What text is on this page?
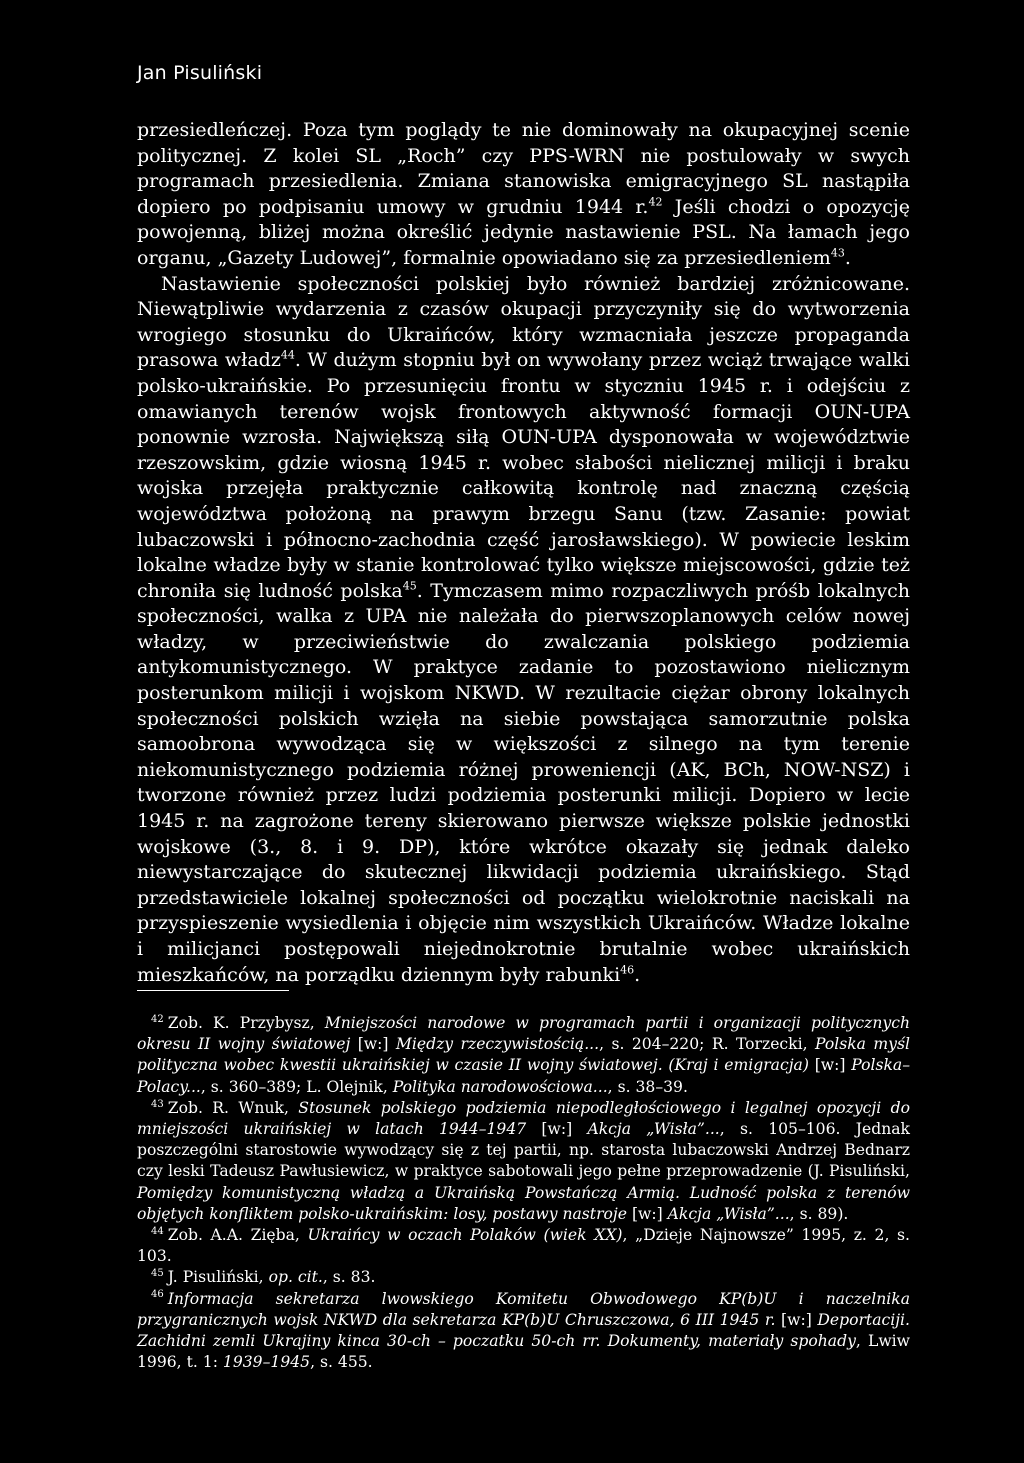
Jan Pisuliński

przesiedleńczej. Poza tym poglądy te nie dominowały na okupacyjnej scenie politycznej. Z kolei SL „Roch” czy PPS-WRN nie postulowały w swych programach przesiedlenia. Zmiana stanowiska emigracyjnego SL nastąpiła dopiero po podpisaniu umowy w grudniu 1944 r.$^{42}$ Jeśli chodzi o opozycję powojenną, bliżej można określić jedynie nastawienie PSL. Na łamach jego organu, „Gazety Ludowej”, formalnie opowiadano się za przesiedleniem$^{43}$.

Nastawienie społeczności polskiej było również bardziej zróżnicowane. Niewątpliwie wydarzenia z czasów okupacji przyczyniły się do wytworzenia wrogiego stosunku do Ukraińców, który wzmacniała jeszcze propaganda prasowa władz$^{44}$. W dużym stopniu był on wywołany przez wciąż trwające walki polsko-ukraińskie. Po przesunięciu frontu w styczniu 1945 r. i odejściu z omawianych terenów wojsk frontowych aktywność formacji OUN-UPA ponownie wzrosła. Największą siłą OUN-UPA dysponowała w województwie rzeszowskim, gdzie wiosną 1945 r. wobec słabości nielicznej milicji i braku wojska przejęła praktycznie całkowitą kontrolę nad znaczną częścią województwa położoną na prawym brzegu Sanu (tzw. Zasanie: powiat lubaczowski i północno-zachodnia część jarosławskiego). W powiecie leskim lokalne władze były w stanie kontrolować tylko większe miejscowości, gdzie też chroniła się ludność polska$^{45}$. Tymczasem mimo rozpaczliwych próśb lokalnych społeczności, walka z UPA nie należała do pierwszoplanowych celów nowej władzy, w przeciwieństwie do zwalczania polskiego podziemia antykomunistycznego. W praktyce zadanie to pozostawiono nielicznym posterunkom milicji i wojskom NKWD. W rezultacie ciężar obrony lokalnych społeczności polskich wzięła na siebie powstająca samorzutnie polska samoobrona wywodząca się w większości z silnego na tym terenie niekomunistycznego podziemia różnej proweniencji (AK, BCh, NOW-NSZ) i tworzone również przez ludzi podziemia posterunki milicji. Dopiero w lecie 1945 r. na zagrożone tereny skierowano pierwsze większe polskie jednostki wojskowe (3., 8. i 9. DP), które wkrótce okazały się jednak daleko niewystarczające do skutecznej likwidacji podziemia ukraińskiego. Stąd przedstawiciele lokalnej społeczności od początku wielokrotnie naciskali na przyspieszenie wysiedlenia i objęcie nim wszystkich Ukraińców. Władze lokalne i milicjanci postępowali niejednokrotnie brutalnie wobec ukraińskich mieszkańców, na porządku dziennym były rabunki$^{46}$.

$^{42}$ Zob. K. Przybysz, Mniejszości narodowe w programach partii i organizacji politycznych okresu II wojny światowej [w:] Między rzeczywistością..., s. 204–220; R. Torzecki, Polska myśl polityczna wobec kwestii ukraińskiej w czasie II wojny światowej. (Kraj i emigracja) [w:] Polska–Polacy..., s. 360–389; L. Olejnik, Polityka narodowościowa..., s. 38–39.

$^{43}$ Zob. R. Wnuk, Stosunek polskiego podziemia niepodległościowego i legalnej opozycji do mniejszości ukraińskiej w latach 1944–1947 [w:] Akcja „Wisła”..., s. 105–106. Jednak poszczególni starostowie wywodzący się z tej partii, np. starosta lubaczowski Andrzej Bednarz czy leski Tadeusz Pawłusiewicz, w praktyce sabotowali jego pełne przeprowadzenie (J. Pisuliński, Pomiędzy komunistyczną władzą a Ukraińską Powstańczą Armią. Ludność polska z terenów objętych konfliktem polsko-ukraińskim: losy, postawy nastroje [w:] Akcja „Wisła”..., s. 89).

$^{44}$ Zob. A.A. Zięba, Ukraińcy w oczach Polaków (wiek XX), „Dzieje Najnowsze” 1995, z. 2, s. 103.

$^{45}$ J. Pisuliński, op. cit., s. 83.

$^{46}$ Informacja sekretarza lwowskiego Komitetu Obwodowego KP(b)U i naczelnika przygranicznych wojsk NKWD dla sekretarza KP(b)U Chruszczowa, 6 III 1945 r. [w:] Deportaciji. Zachidni zemli Ukrajiny kinca 30-ch – poczatku 50-ch rr. Dokumenty, materiały spohady, Lwiw 1996, t. 1: 1939–1945, s. 455.
